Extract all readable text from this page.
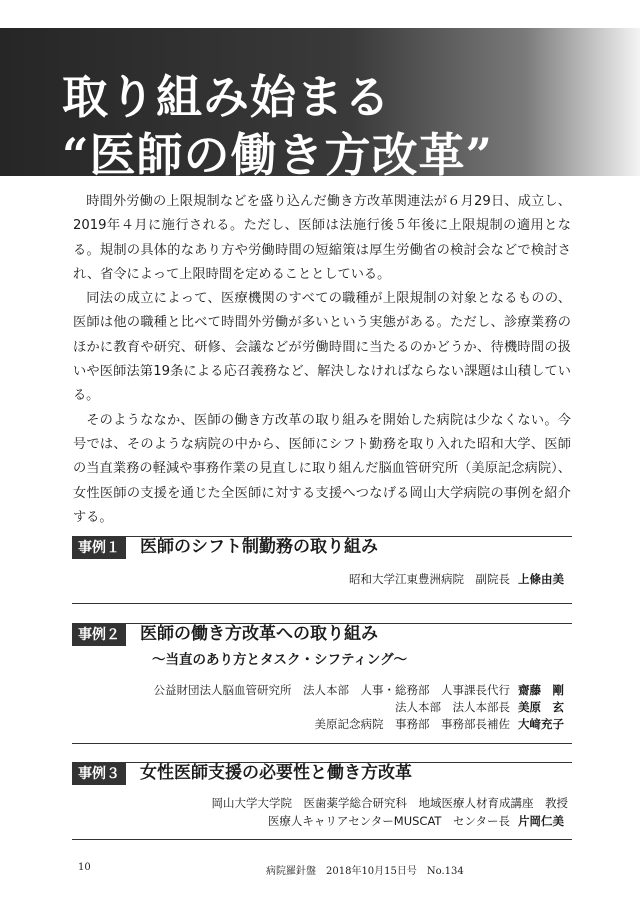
取り組み始まる
“医師の働き方改革”

時間外労働の上限規制などを盛り込んだ働き方改革関連法が６月29日、成立し、2019年４月に施行される。ただし、医師は法施行後５年後に上限規制の適用となる。規制の具体的なあり方や労働時間の短縮策は厚生労働省の検討会などで検討され、省令によって上限時間を定めることとしている。

同法の成立によって、医療機関のすべての職種が上限規制の対象となるものの、医師は他の職種と比べて時間外労働が多いという実態がある。ただし、診療業務のほかに教育や研究、研修、会議などが労働時間に当たるのかどうか、待機時間の扱いや医師法第19条による応召義務など、解決しなければならない課題は山積している。

そのようななか、医師の働き方改革の取り組みを開始した病院は少なくない。今号では、そのような病院の中から、医師にシフト勤務を取り入れた昭和大学、医師の当直業務の軽減や事務作業の見直しに取り組んだ脳血管研究所（美原記念病院）、女性医師の支援を通じた全医師に対する支援へつなげる岡山大学病院の事例を紹介する。

事例１	医師のシフト制勤務の取り組み
昭和大学江東豊洲病院　副院長 上條由美
事例２	医師の働き方改革への取り組み
～当直のあり方とタスク・シフティング～
公益財団法人脳血管研究所　法人本部　人事・総務部　人事課長代行 齋藤　剛
法人本部　法人本部長 美原　玄
美原記念病院　事務部　事務部長補佐 大﨑充子
事例３	女性医師支援の必要性と働き方改革
岡山大学大学院　医歯薬学総合研究科　地域医療人材育成講座　教授
医療人キャリアセンターMUSCAT　センター長 片岡仁美
10	病院羅針盤　2018年10月15日号　No.134
